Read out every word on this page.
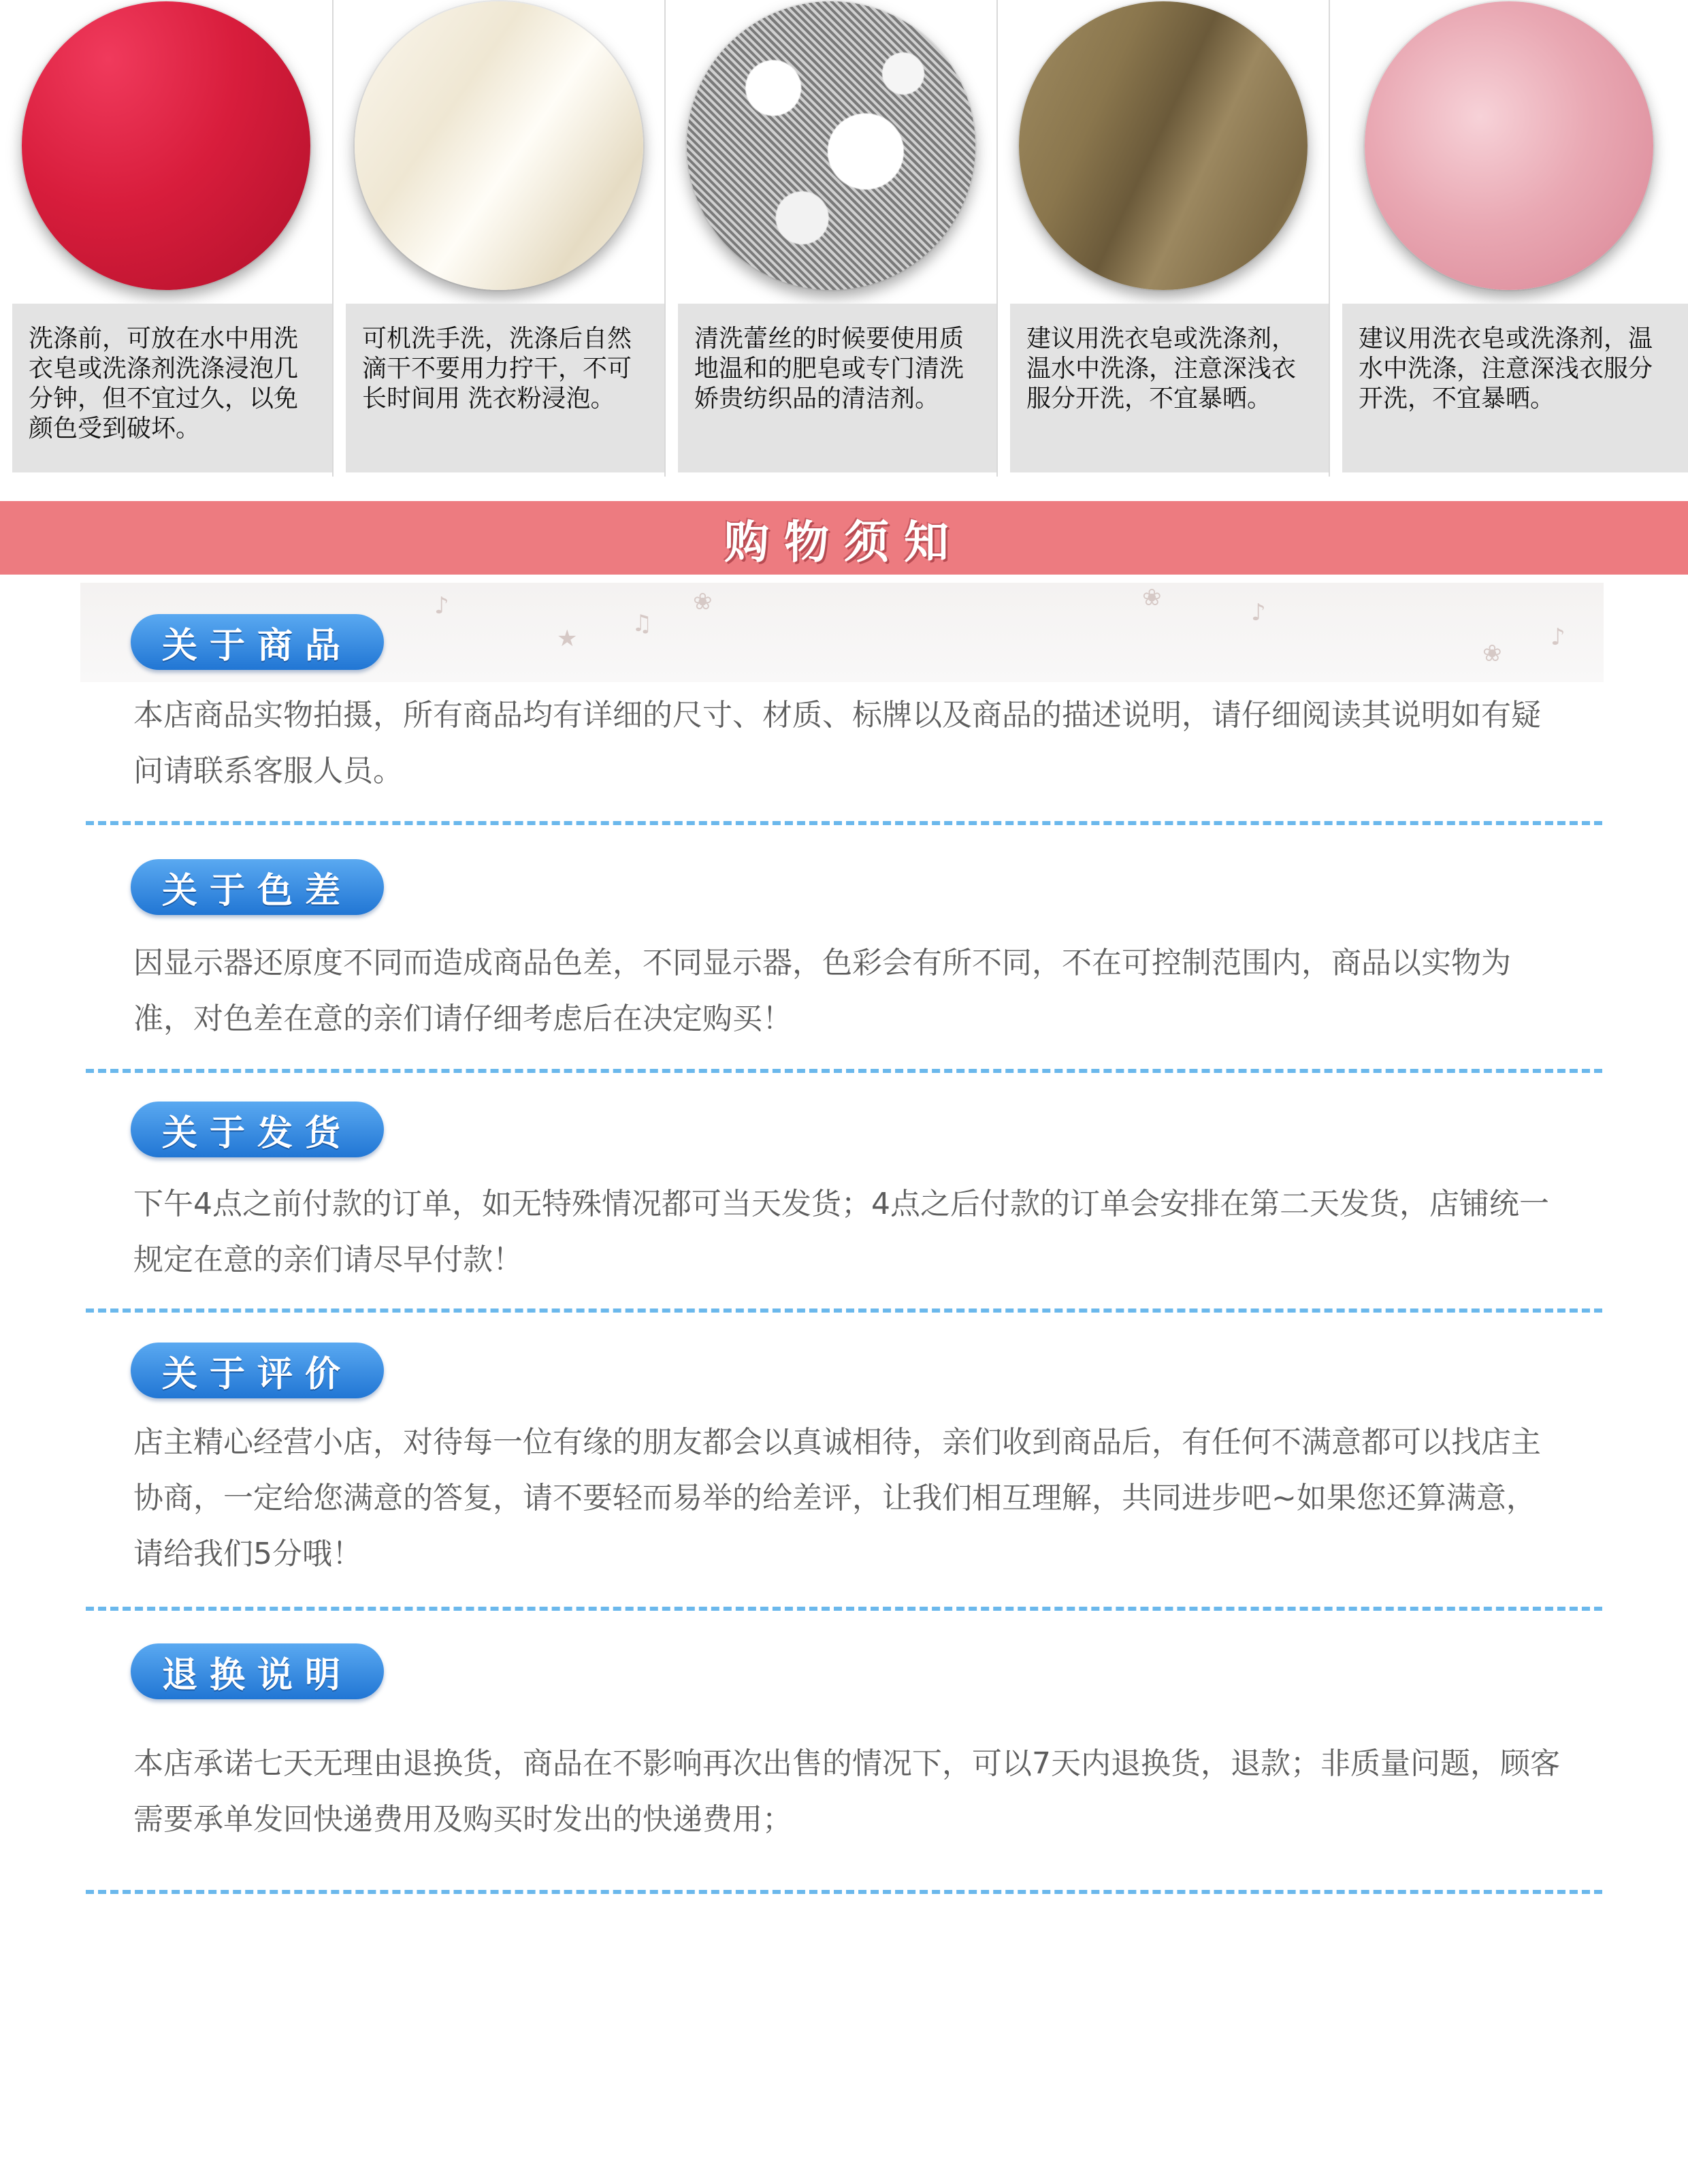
洗涤前，可放在水中用洗衣皂或洗涤剂洗涤浸泡几分钟，但不宜过久，以免颜色受到破坏。
可机洗手洗，洗涤后自然滴干不要用力拧干，不可长时间用 洗衣粉浸泡。
清洗蕾丝的时候要使用质地温和的肥皂或专门清洗娇贵纺织品的清洁剂。
建议用洗衣皂或洗涤剂，温水中洗涤，注意深浅衣服分开洗，不宜暴晒。
建议用洗衣皂或洗涤剂，温水中洗涤，注意深浅衣服分开洗，不宜暴晒。
购物须知
♪
★
♫
❀	❀
♪
❀
♪
关于商品
本店商品实物拍摄，所有商品均有详细的尺寸、材质、标牌以及商品的描述说明，请仔细阅读其说明如有疑问请联系客服人员。
关于色差
因显示器还原度不同而造成商品色差，不同显示器，色彩会有所不同，不在可控制范围内，商品以实物为准，对色差在意的亲们请仔细考虑后在决定购买！
关于发货
下午4点之前付款的订单，如无特殊情况都可当天发货；4点之后付款的订单会安排在第二天发货，店铺统一规定在意的亲们请尽早付款！
关于评价
店主精心经营小店，对待每一位有缘的朋友都会以真诚相待，亲们收到商品后，有任何不满意都可以找店主协商，一定给您满意的答复，请不要轻而易举的给差评，让我们相互理解，共同进步吧~如果您还算满意，请给我们5分哦！
退换说明
本店承诺七天无理由退换货，商品在不影响再次出售的情况下，可以7天内退换货，退款；非质量问题，顾客需要承单发回快递费用及购买时发出的快递费用；
